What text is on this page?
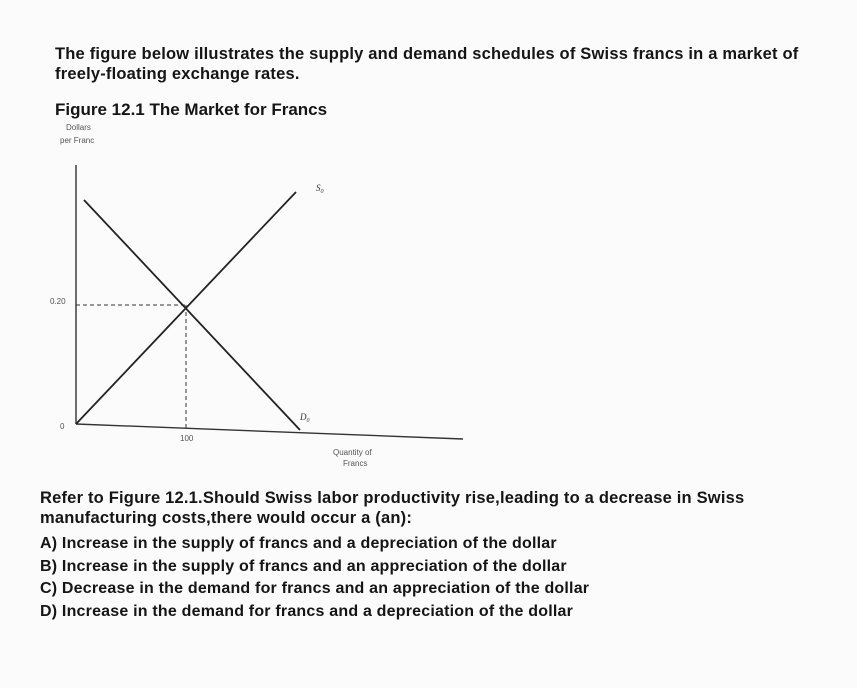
The figure below illustrates the supply and demand schedules of Swiss francs in a market of freely-floating exchange rates.
Figure 12.1 The Market for Francs
Dollars
per Franc
$S_0$
$D_0$
0.20
0
100
Quantity of
Francs
Refer to Figure 12.1.Should Swiss labor productivity rise,leading to a decrease in Swiss manufacturing costs,there would occur a (an):
A) Increase in the supply of francs and a depreciation of the dollar
B) Increase in the supply of francs and an appreciation of the dollar
C) Decrease in the demand for francs and an appreciation of the dollar
D) Increase in the demand for francs and a depreciation of the dollar
